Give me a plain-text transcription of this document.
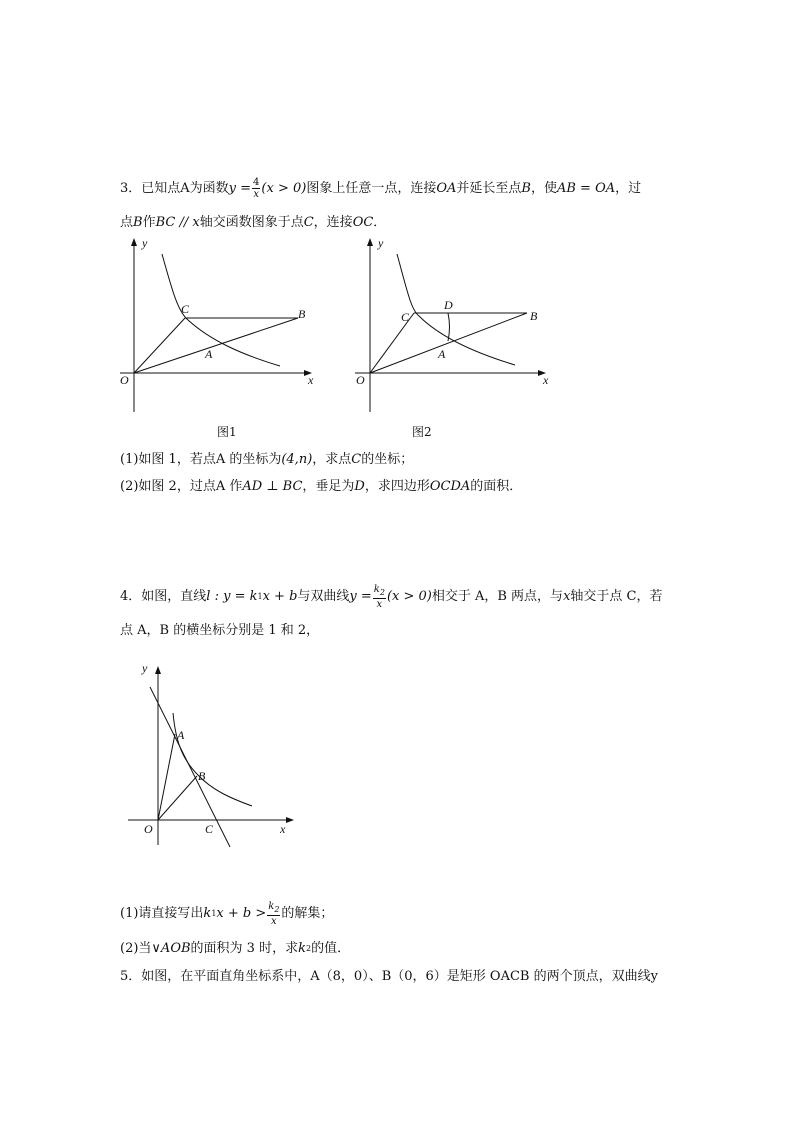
3． 已知点A为函数 $y = \frac{4}{x} (x > 0)$ 图象上任意一点，连接 OA 并延长至点 B ，使 AB = OA ，过
点 B 作 BC // x 轴交函数图象于点 C ，连接 OC ．
y
x
O
C	B
A
图1
y
x
O
C
D
B
A
图2
(1)如图 1，若点A 的坐标为 (4,n) ，求点 C 的坐标；
(2)如图 2，过点A 作 AD ⊥ BC ，垂足为 D ，求四边形 OCDA 的面积．
4． 如图，直线 l : y = k 1 x + b 与双曲线 $y = \frac{k_2}{x} (x > 0)$ 相交于 A，B 两点，与 x 轴交于点 C，若
点 A，B 的横坐标分别是 1 和 2，
y
x
O
A
B
C
(1)请直接写出 k 1 $x + b > \frac{k_2}{x}$ 的解集；
(2)当 ∨AOB 的面积为 3 时，求 k 2 的值．
5．如图，在平面直角坐标系中，A（8，0）、B（0，6）是矩形 OACB 的两个顶点，双曲线y
